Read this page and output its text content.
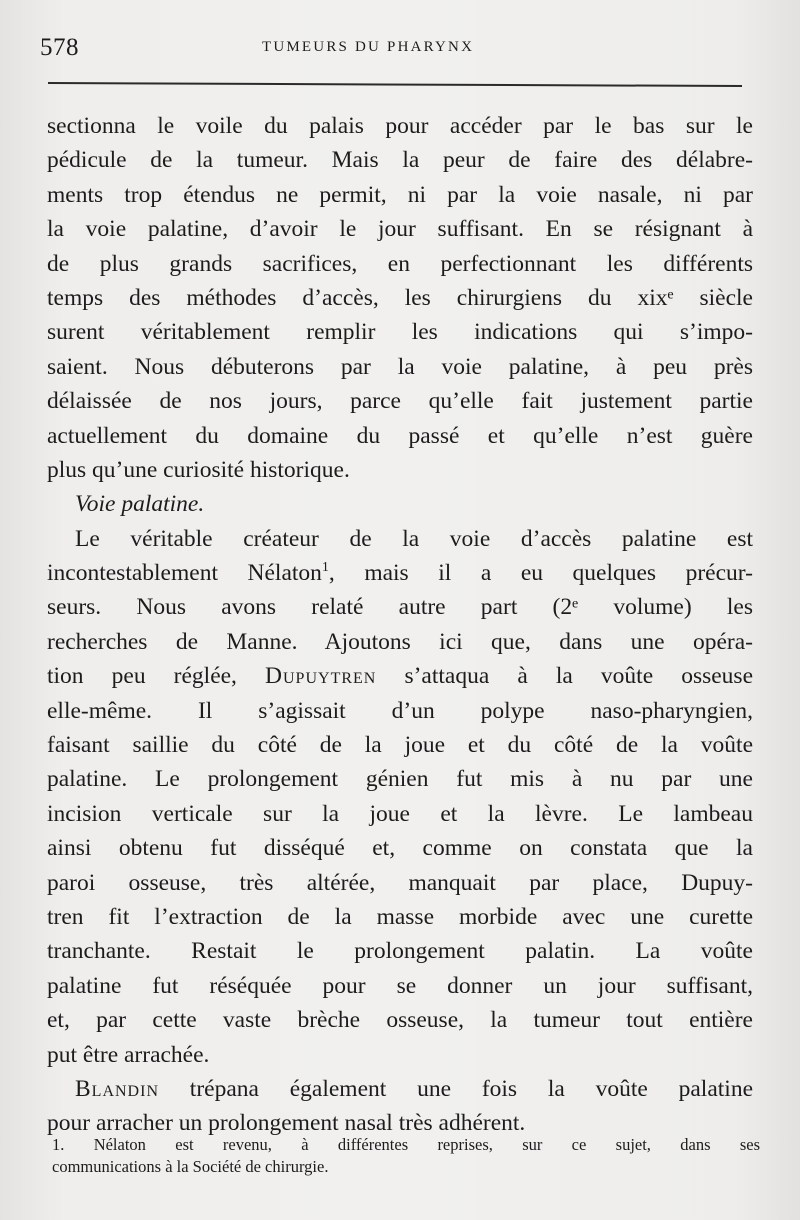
578	TUMEURS DU PHARYNX
sectionna le voile du palais pour accéder par le bas sur le
pédicule de la tumeur. Mais la peur de faire des délabre-
ments trop étendus ne permit, ni par la voie nasale, ni par
la voie palatine, d’avoir le jour suffisant. En se résignant à
de plus grands sacrifices, en perfectionnant les différents
temps des méthodes d’accès, les chirurgiens du xixᵉ siècle
surent véritablement remplir les indications qui s’impo-
saient. Nous débuterons par la voie palatine, à peu près
délaissée de nos jours, parce qu’elle fait justement partie
actuellement du domaine du passé et qu’elle n’est guère
plus qu’une curiosité historique.
Voie palatine.
Le véritable créateur de la voie d’accès palatine est
incontestablement Nélaton$^1$, mais il a eu quelques précur-
seurs. Nous avons relaté autre part (2ᵉ volume) les
recherches de Manne. Ajoutons ici que, dans une opéra-
tion peu réglée, Dupuytren s’attaqua à la voûte osseuse
elle-même. Il s’agissait d’un polype naso-pharyngien,
faisant saillie du côté de la joue et du côté de la voûte
palatine. Le prolongement génien fut mis à nu par une
incision verticale sur la joue et la lèvre. Le lambeau
ainsi obtenu fut disséqué et, comme on constata que la
paroi osseuse, très altérée, manquait par place, Dupuy-
tren fit l’extraction de la masse morbide avec une curette
tranchante. Restait le prolongement palatin. La voûte
palatine fut réséquée pour se donner un jour suffisant,
et, par cette vaste brèche osseuse, la tumeur tout entière
put être arrachée.
Blandin trépana également une fois la voûte palatine
pour arracher un prolongement nasal très adhérent.
1. Nélaton est revenu, à différentes reprises, sur ce sujet, dans ses
communications à la Société de chirurgie.
